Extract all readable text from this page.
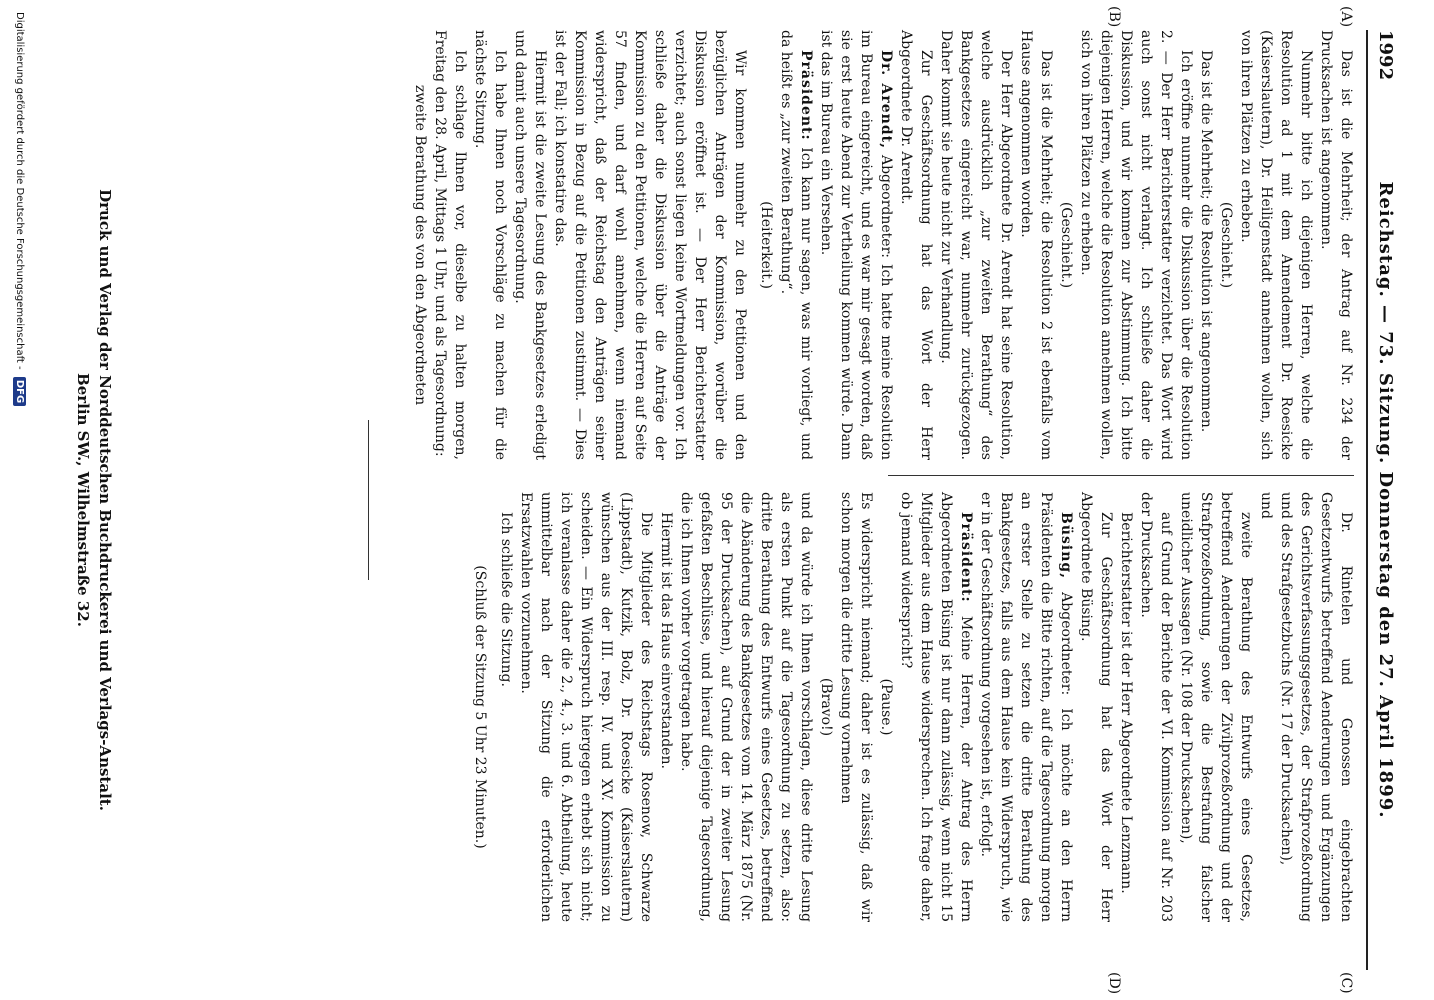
1992
Reichstag. — 73. Sitzung. Donnerstag den 27. April 1899.
(A)
(B)
(C)
(D)

Das ist die Mehrheit; der Antrag auf Nr. 234 der Drucksachen ist angenommen.

Nunmehr bitte ich diejenigen Herren, welche die Resolution ad 1 mit dem Amendement Dr. Roesicke (Kaiserslautern), Dr. Heiligenstadt annehmen wollen, sich von ihren Plätzen zu erheben.

(Geschieht.)

Das ist die Mehrheit; die Resolution ist angenommen.

Ich eröffne nunmehr die Diskussion über die Resolution 2. — Der Herr Berichterstatter verzichtet. Das Wort wird auch sonst nicht verlangt. Ich schließe daher die Diskussion, und wir kommen zur Abstimmung. Ich bitte diejenigen Herren, welche die Resolution annehmen wollen, sich von ihren Plätzen zu erheben.

(Geschieht.)

Das ist die Mehrheit; die Resolution 2 ist ebenfalls vom Hause angenommen worden.

Der Herr Abgeordnete Dr. Arendt hat seine Resolution, welche ausdrücklich „zur zweiten Berathung“ des Bankgesetzes eingereicht war, nunmehr zurückgezogen. Daher kommt sie heute nicht zur Verhandlung.

Zur Geschäftsordnung hat das Wort der Herr Abgeordnete Dr. Arendt.

Dr. Arendt, Abgeordneter: Ich hatte meine Resolution im Bureau eingereicht, und es war mir gesagt worden, daß sie erst heute Abend zur Vertheilung kommen würde. Dann ist das im Bureau ein Versehen.

Präsident: Ich kann nur sagen, was mir vorliegt, und da heißt es „zur zweiten Berathung“.

(Heiterkeit.)

Wir kommen nunmehr zu den Petitionen und den bezüglichen Anträgen der Kommission, worüber die Diskussion eröffnet ist. — Der Herr Berichterstatter verzichtet; auch sonst liegen keine Wortmeldungen vor. Ich schließe daher die Diskussion über die Anträge der Kommission zu den Petitionen, welche die Herren auf Seite 57 finden, und darf wohl annehmen, wenn niemand widerspricht, daß der Reichstag den Anträgen seiner Kommission in Bezug auf die Petitionen zustimmt. — Dies ist der Fall; ich konstatire das.

Hiermit ist die zweite Lesung des Bankgesetzes erledigt und damit auch unsere Tagesordnung.

Ich habe Ihnen noch Vorschläge zu machen für die nächste Sitzung.

Ich schlage Ihnen vor, dieselbe zu halten morgen, Freitag den 28. April, Mittags 1 Uhr, und als Tagesordnung:

zweite Berathung des von den Abgeordneten

Dr. Rintelen und Genossen eingebrachten Gesetzentwurfs betreffend Aenderungen und Ergänzungen des Gerichtsverfassungsgesetzes, der Strafprozeßordnung und des Strafgesetzbuchs (Nr. 17 der Drucksachen),

und

zweite Berathung des Entwurfs eines Gesetzes, betreffend Aenderungen der Zivilprozeßordnung und der Strafprozeßordnung, sowie die Bestrafung falscher uneidlicher Aussagen (Nr. 108 der Drucksachen),

auf Grund der Berichte der VI. Kommission auf Nr. 203 der Drucksachen.

Berichterstatter ist der Herr Abgeordnete Lenzmann.

Zur Geschäftsordnung hat das Wort der Herr Abgeordnete Büsing.

Büsing, Abgeordneter: Ich möchte an den Herrn Präsidenten die Bitte richten, auf die Tagesordnung morgen an erster Stelle zu setzen die dritte Berathung des Bankgesetzes, falls aus dem Hause kein Widerspruch, wie er in der Geschäftsordnung vorgesehen ist, erfolgt.

Präsident: Meine Herren, der Antrag des Herrn Abgeordneten Büsing ist nur dann zulässig, wenn nicht 15 Mitglieder aus dem Hause widersprechen. Ich frage daher, ob jemand widerspricht?

(Pause.)

Es widerspricht niemand; daher ist es zulässig, daß wir schon morgen die dritte Lesung vornehmen

(Bravo!)

und da würde ich Ihnen vorschlagen, diese dritte Lesung als ersten Punkt auf die Tagesordnung zu setzen, also: dritte Berathung des Entwurfs eines Gesetzes, betreffend die Abänderung des Bankgesetzes vom 14. März 1875 (Nr. 95 der Drucksachen), auf Grund der in zweiter Lesung gefaßten Beschlüsse, und hierauf diejenige Tagesordnung, die ich Ihnen vorher vorgetragen habe.

Hiermit ist das Haus einverstanden.

Die Mitglieder des Reichstags Rosenow, Schwarze (Lippstadt), Kutzik, Bolz, Dr. Roesicke (Kaiserslautern) wünschen aus der III. resp. IV. und XV. Kommission zu scheiden. — Ein Widerspruch hiergegen erhebt sich nicht; ich veranlasse daher die 2., 4., 3. und 6. Abtheilung, heute unmittelbar nach der Sitzung die erforderlichen Ersatzwahlen vorzunehmen.

Ich schließe die Sitzung.

(Schluß der Sitzung 5 Uhr 23 Minuten.)

Druck und Verlag der Norddeutschen Buchdruckerei und Verlags-Anstalt.
Berlin SW., Wilhelmstraße 32.
Digitalisierung gefördert durch die Deutsche Forschungsgemeinschaft - DFG
